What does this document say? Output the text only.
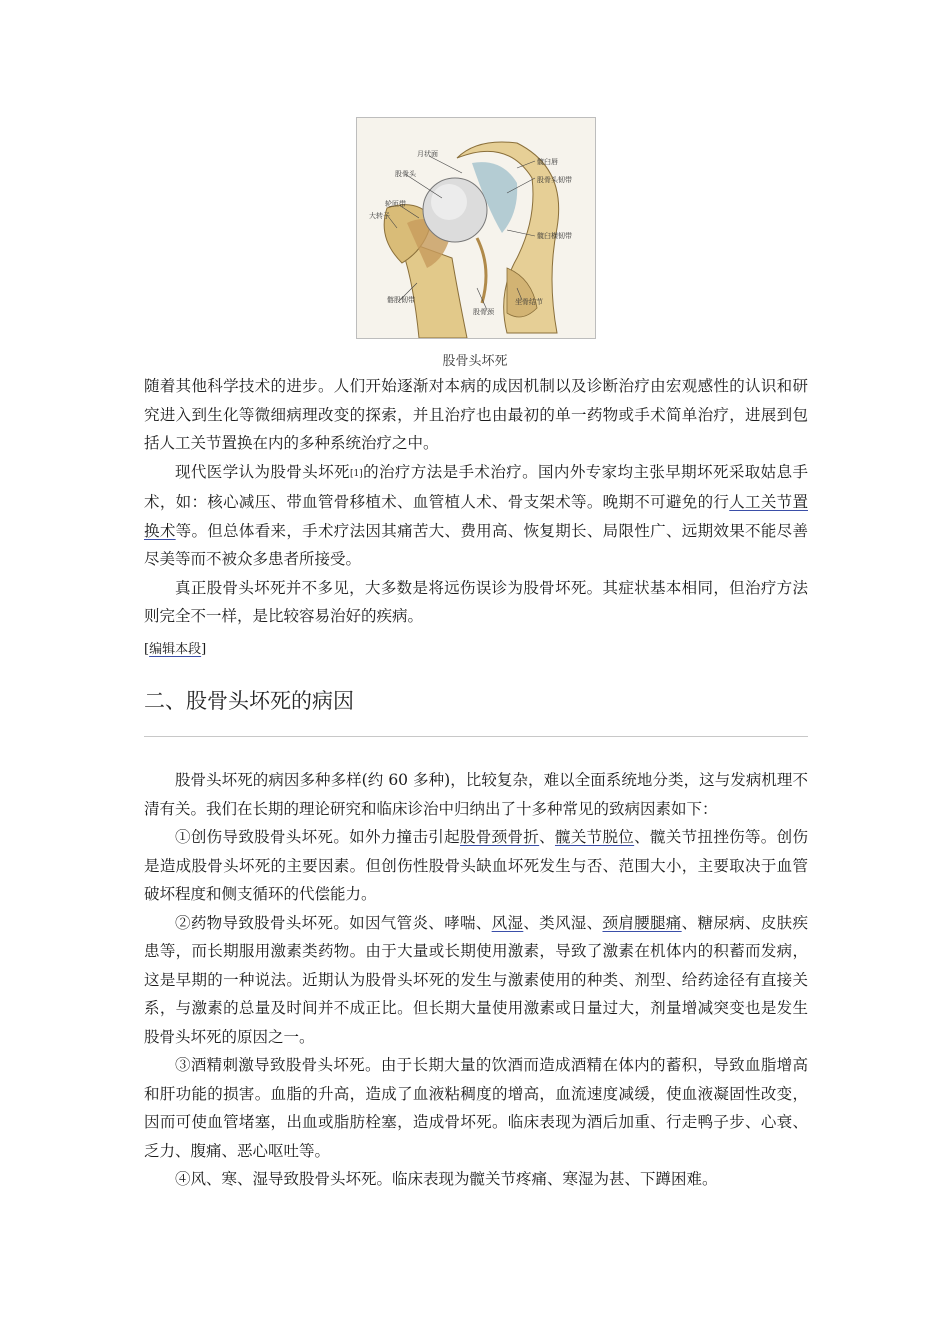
月状面
髋臼唇
股骨头
股骨头韧带
轮匝带
大转子
髋臼横韧带
髂股韧带
股骨颈
坐骨结节
股骨头坏死

随着其他科学技术的进步。人们开始逐渐对本病的成因机制以及诊断治疗由宏观感性的认识和研究进入到生化等微细病理改变的探索，并且治疗也由最初的单一药物或手术简单治疗，进展到包括人工关节置换在内的多种系统治疗之中。

现代医学认为股骨头坏死[1]的治疗方法是手术治疗。国内外专家均主张早期坏死采取姑息手术，如：核心减压、带血管骨移植术、血管植人术、骨支架术等。晚期不可避免的行人工关节置换术等。但总体看来，手术疗法因其痛苦大、费用高、恢复期长、局限性广、远期效果不能尽善尽美等而不被众多患者所接受。

真正股骨头坏死并不多见，大多数是将远伤误诊为股骨坏死。其症状基本相同，但治疗方法则完全不一样，是比较容易治好的疾病。

[编辑本段]
二、股骨头坏死的病因

股骨头坏死的病因多种多样(约 60 多种)，比较复杂，难以全面系统地分类，这与发病机理不清有关。我们在长期的理论研究和临床诊治中归纳出了十多种常见的致病因素如下：

①创伤导致股骨头坏死。如外力撞击引起股骨颈骨折、髋关节脱位、髋关节扭挫伤等。创伤是造成股骨头坏死的主要因素。但创伤性股骨头缺血坏死发生与否、范围大小，主要取决于血管破坏程度和侧支循环的代偿能力。

②药物导致股骨头坏死。如因气管炎、哮喘、风湿、类风湿、颈肩腰腿痛、糖尿病、皮肤疾患等，而长期服用激素类药物。由于大量或长期使用激素，导致了激素在机体内的积蓄而发病，这是早期的一种说法。近期认为股骨头坏死的发生与激素使用的种类、剂型、给药途径有直接关系，与激素的总量及时间并不成正比。但长期大量使用激素或日量过大，剂量增减突变也是发生股骨头坏死的原因之一。

③酒精刺激导致股骨头坏死。由于长期大量的饮酒而造成酒精在体内的蓄积，导致血脂增高和肝功能的损害。血脂的升高，造成了血液粘稠度的增高，血流速度减缓，使血液凝固性改变，因而可使血管堵塞，出血或脂肪栓塞，造成骨坏死。临床表现为酒后加重、行走鸭子步、心衰、乏力、腹痛、恶心呕吐等。

④风、寒、湿导致股骨头坏死。临床表现为髋关节疼痛、寒湿为甚、下蹲困难。
